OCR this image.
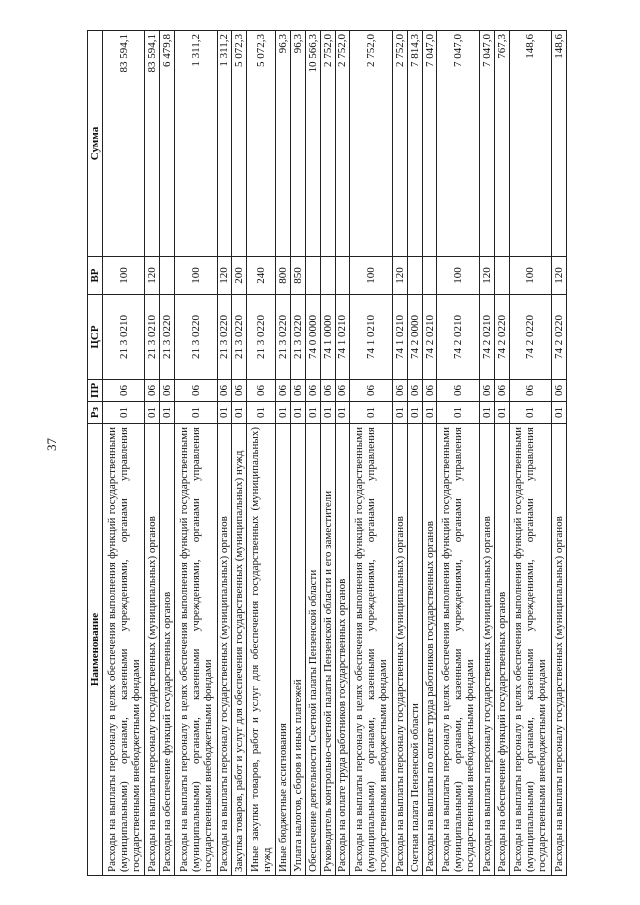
37
Наименование	Рз	ПР	ЦСР	ВР	Сумма
Расходы на выплаты персоналу в целях обеспечения выполнения функций государственными (муниципальными) органами, казенными учреждениями, органами управления государственными внебюджетными фондами	01	06	21 3 0210	100	83 594,1
Расходы на выплаты персоналу государственных (муниципальных) органов	01	06	21 3 0210	120	83 594,1
Расходы на обеспечение функций государственных органов	01	06	21 3 0220		6 479,8
Расходы на выплаты персоналу в целях обеспечения выполнения функций государственными (муниципальными) органами, казенными учреждениями, органами управления государственными внебюджетными фондами	01	06	21 3 0220	100	1 311,2
Расходы на выплаты персоналу государственных (муниципальных) органов	01	06	21 3 0220	120	1 311,2
Закупка товаров, работ и услуг для обеспечения государственных (муниципальных) нужд	01	06	21 3 0220	200	5 072,3
Иные закупки товаров, работ и услуг для обеспечения государственных (муниципальных) нужд	01	06	21 3 0220	240	5 072,3
Иные бюджетные ассигнования	01	06	21 3 0220	800	96,3
Уплата налогов, сборов и иных платежей	01	06	21 3 0220	850	96,3
Обеспечение деятельности Счетной палаты Пензенской области	01	06	74 0 0000		10 566,3
Руководитель контрольно-счетной палаты Пензенской области и его заместители	01	06	74 1 0000		2 752,0
Расходы на оплате труда работников государственных органов	01	06	74 1 0210		2 752,0
Расходы на выплаты персоналу в целях обеспечения выполнения функций государственными (муниципальными) органами, казенными учреждениями, органами управления государственными внебюджетными фондами	01	06	74 1 0210	100	2 752,0
Расходы на выплаты персоналу государственных (муниципальных) органов	01	06	74 1 0210	120	2 752,0
Счетная палата Пензенской области	01	06	74 2 0000		7 814,3
Расходы на выплаты по оплате труда работников государственных органов	01	06	74 2 0210		7 047,0
Расходы на выплаты персоналу в целях обеспечения выполнения функций государственными (муниципальными) органами, казенными учреждениями, органами управления государственными внебюджетными фондами	01	06	74 2 0210	100	7 047,0
Расходы на выплаты персоналу государственных (муниципальных) органов	01	06	74 2 0210	120	7 047,0
Расходы на обеспечение функций государственных органов	01	06	74 2 0220		767,3
Расходы на выплаты персоналу в целях обеспечения выполнения функций государственными (муниципальными) органами, казенными учреждениями, органами управления государственными внебюджетными фондами	01	06	74 2 0220	100	148,6
Расходы на выплаты персоналу государственных (муниципальных) органов	01	06	74 2 0220	120	148,6
